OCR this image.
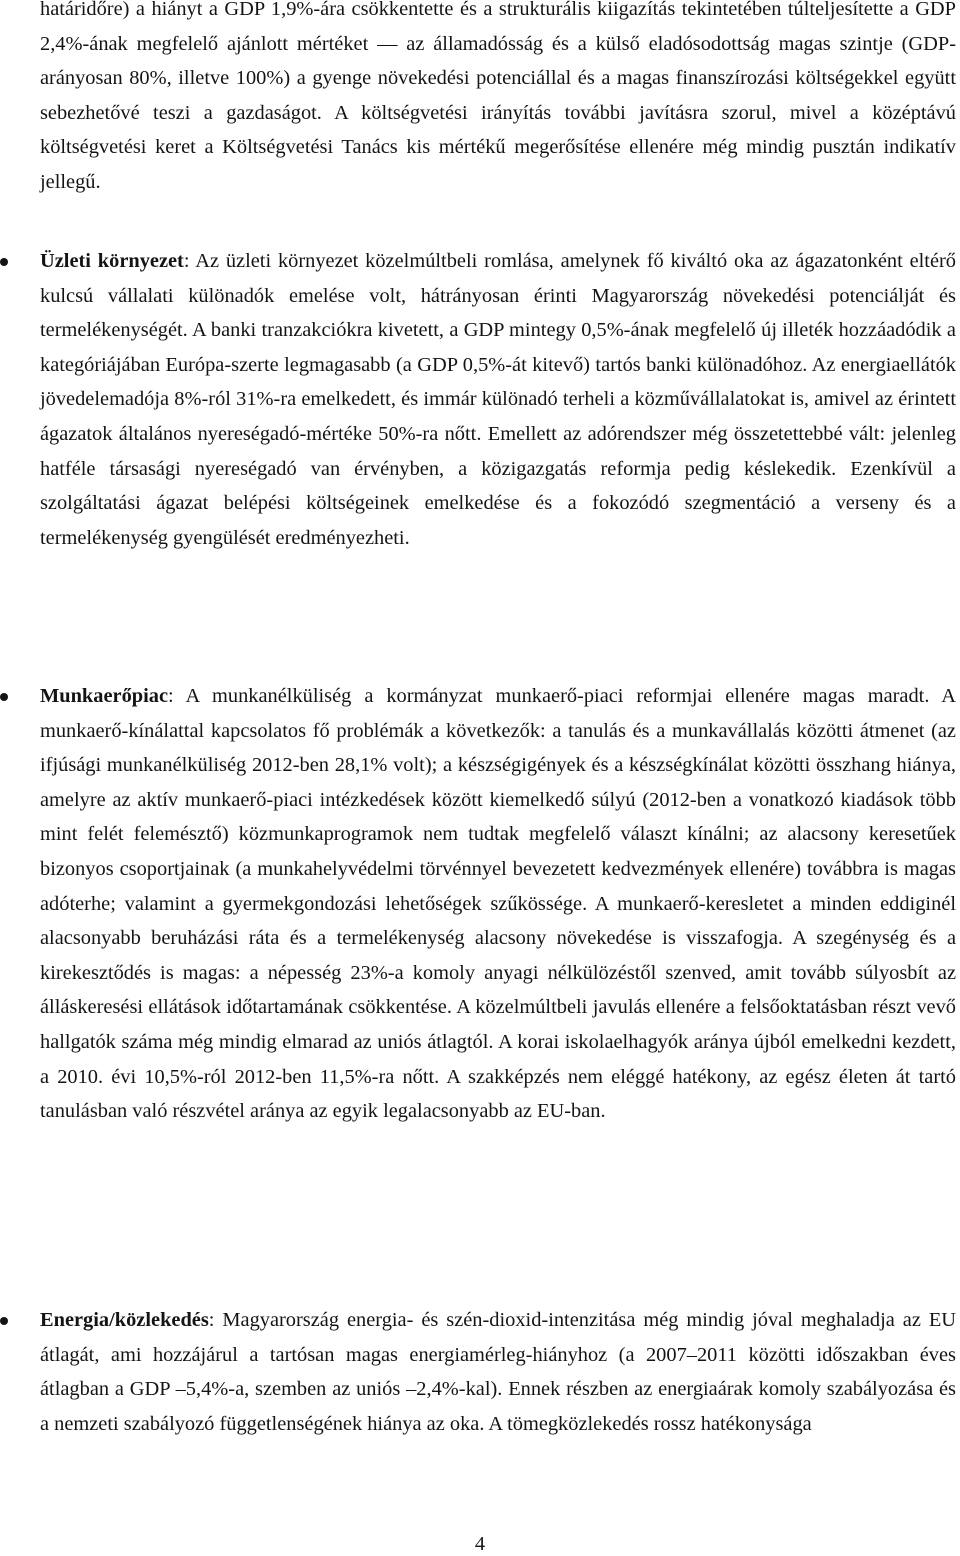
határidőre) a hiányt a GDP 1,9%-ára csökkentette és a strukturális kiigazítás tekintetében túlteljesítette a GDP 2,4%-ának megfelelő ajánlott mértéket — az államadósság és a külső eladósodottság magas szintje (GDP-arányosan 80%, illetve 100%) a gyenge növekedési potenciállal és a magas finanszírozási költségekkel együtt sebezhetővé teszi a gazdaságot. A költségvetési irányítás további javításra szorul, mivel a középtávú költségvetési keret a Költségvetési Tanács kis mértékű megerősítése ellenére még mindig pusztán indikatív jellegű.

Üzleti környezet: Az üzleti környezet közelmúltbeli romlása, amelynek fő kiváltó oka az ágazatonként eltérő kulcsú vállalati különadók emelése volt, hátrányosan érinti Magyarország növekedési potenciálját és termelékenységét. A banki tranzakciókra kivetett, a GDP mintegy 0,5%-ának megfelelő új illeték hozzáadódik a kategóriájában Európa-szerte legmagasabb (a GDP 0,5%-át kitevő) tartós banki különadóhoz. Az energiaellátók jövedelemadója 8%-ról 31%-ra emelkedett, és immár különadó terheli a közművállalatokat is, amivel az érintett ágazatok általános nyereségadó-mértéke 50%-ra nőtt. Emellett az adórendszer még összetettebbé vált: jelenleg hatféle társasági nyereségadó van érvényben, a közigazgatás reformja pedig késlekedik. Ezenkívül a szolgáltatási ágazat belépési költségeinek emelkedése és a fokozódó szegmentáció a verseny és a termelékenység gyengülését eredményezheti.

Munkaerőpiac: A munkanélküliség a kormányzat munkaerő-piaci reformjai ellenére magas maradt. A munkaerő-kínálattal kapcsolatos fő problémák a következők: a tanulás és a munkavállalás közötti átmenet (az ifjúsági munkanélküliség 2012-ben 28,1% volt); a készségigények és a készségkínálat közötti összhang hiánya, amelyre az aktív munkaerő-piaci intézkedések között kiemelkedő súlyú (2012-ben a vonatkozó kiadások több mint felét felemésztő) közmunkaprogramok nem tudtak megfelelő választ kínálni; az alacsony keresetűek bizonyos csoportjainak (a munkahelyvédelmi törvénnyel bevezetett kedvezmények ellenére) továbbra is magas adóterhe; valamint a gyermekgondozási lehetőségek szűkössége. A munkaerő-keresletet a minden eddiginél alacsonyabb beruházási ráta és a termelékenység alacsony növekedése is visszafogja. A szegénység és a kirekesztődés is magas: a népesség 23%-a komoly anyagi nélkülözéstől szenved, amit tovább súlyosbít az álláskeresési ellátások időtartamának csökkentése. A közelmúltbeli javulás ellenére a felsőoktatásban részt vevő hallgatók száma még mindig elmarad az uniós átlagtól. A korai iskolaelhagyók aránya újból emelkedni kezdett, a 2010. évi 10,5%-ról 2012-ben 11,5%-ra nőtt. A szakképzés nem eléggé hatékony, az egész életen át tartó tanulásban való részvétel aránya az egyik legalacsonyabb az EU-ban.

Energia/közlekedés: Magyarország energia- és szén-dioxid-intenzitása még mindig jóval meghaladja az EU átlagát, ami hozzájárul a tartósan magas energiamérleg-hiányhoz (a 2007–2011 közötti időszakban éves átlagban a GDP –5,4%-a, szemben az uniós –2,4%-kal). Ennek részben az energiaárak komoly szabályozása és a nemzeti szabályozó függetlenségének hiánya az oka. A tömegközlekedés rossz hatékonysága

4
